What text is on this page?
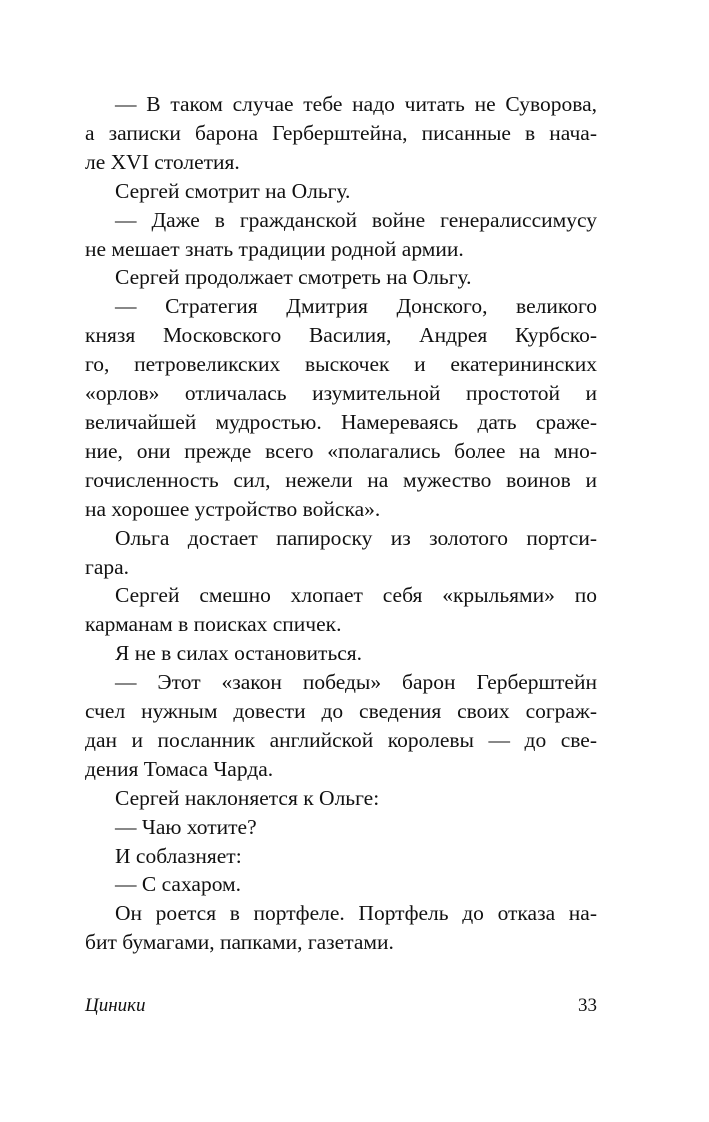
— В таком случае тебе надо читать не Суворова,
а записки барона Герберштейна, писанные в нача-
ле XVI столетия.
Сергей смотрит на Ольгу.
— Даже в гражданской войне генералиссимусу
не мешает знать традиции родной армии.
Сергей продолжает смотреть на Ольгу.
— Стратегия Дмитрия Донского, великого
князя Московского Василия, Андрея Курбско-
го, петровеликских выскочек и екатерининских
«орлов» отличалась изумительной простотой и
величайшей мудростью. Намереваясь дать сраже-
ние, они прежде всего «полагались более на мно-
гочисленность сил, нежели на мужество воинов и
на хорошее устройство войска».
Ольга достает папироску из золотого портси-
гара.
Сергей смешно хлопает себя «крыльями» по
карманам в поисках спичек.
Я не в силах остановиться.
— Этот «закон победы» барон Герберштейн
счел нужным довести до сведения своих сограж-
дан и посланник английской королевы — до све-
дения Томаса Чарда.
Сергей наклоняется к Ольге:
— Чаю хотите?
И соблазняет:
— С сахаром.
Он роется в портфеле. Портфель до отказа на-
бит бумагами, папками, газетами.
Циники	33
